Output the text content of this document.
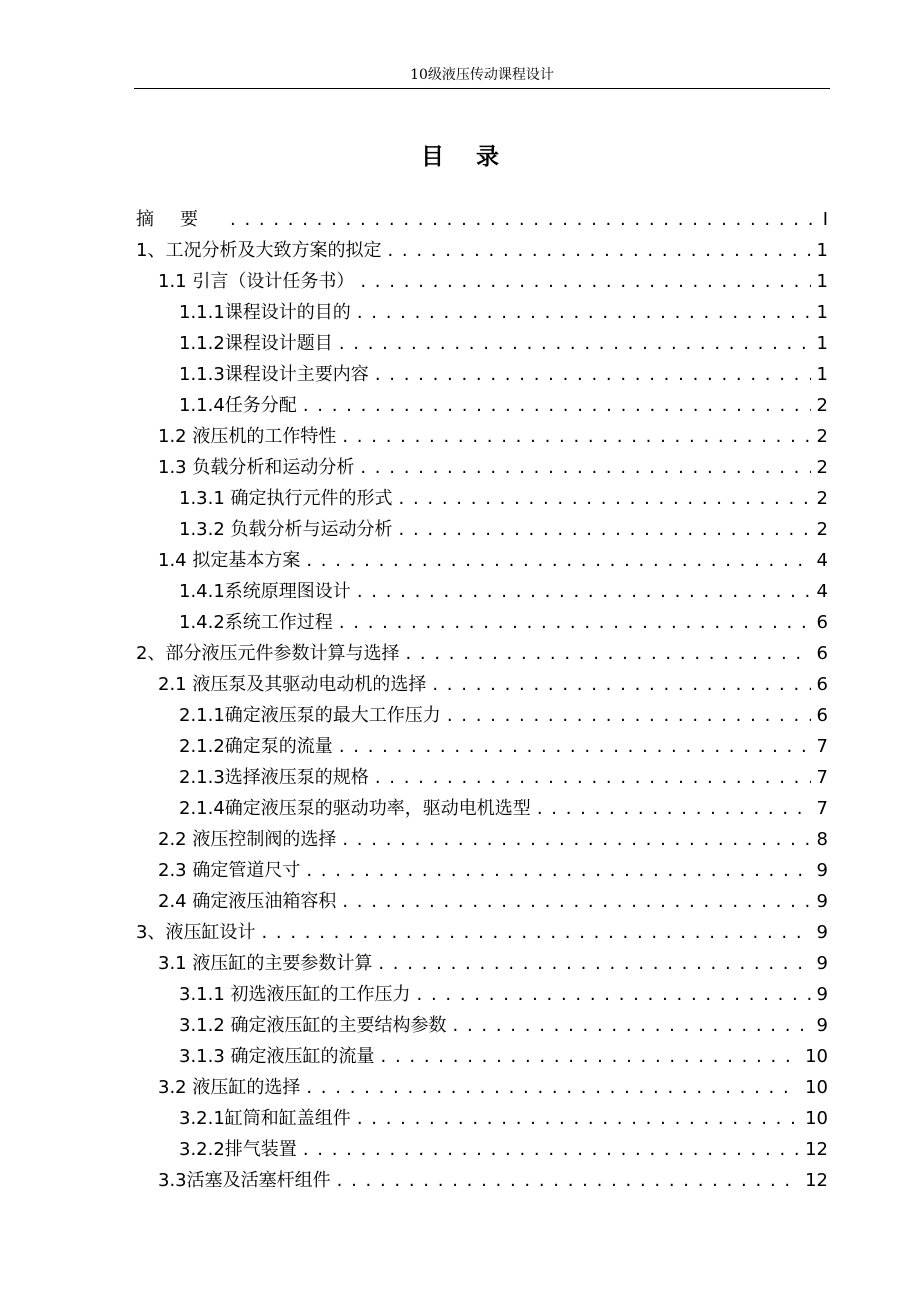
10级液压传动课程设计
目录
摘要 . . .	I
1、工况分析及大致方案的拟定 . . .	1
1.1 引言（设计任务书） . . .	1
1.1.1课程设计的目的 . . .	1
1.1.2课程设计题目 . . .	1
1.1.3课程设计主要内容 . . .	1
1.1.4任务分配 . . .	2
1.2 液压机的工作特性 . . .	2
1.3 负载分析和运动分析 . . .	2
1.3.1 确定执行元件的形式 . . .	2
1.3.2 负载分析与运动分析 . . .	2
1.4 拟定基本方案 . . .	4
1.4.1系统原理图设计 . . .	4
1.4.2系统工作过程 . . .	6
2、部分液压元件参数计算与选择 . . .	6
2.1 液压泵及其驱动电动机的选择 . . .	6
2.1.1确定液压泵的最大工作压力 . . .	6
2.1.2确定泵的流量 . . .	7
2.1.3选择液压泵的规格 . . .	7
2.1.4确定液压泵的驱动功率，驱动电机选型 . . .	7
2.2 液压控制阀的选择 . . .	8
2.3 确定管道尺寸 . . .	9
2.4 确定液压油箱容积 . . .	9
3、液压缸设计 . . .	9
3.1 液压缸的主要参数计算 . . .	9
3.1.1 初选液压缸的工作压力 . . .	9
3.1.2 确定液压缸的主要结构参数 . . .	9
3.1.3 确定液压缸的流量 . . .	10
3.2 液压缸的选择 . . .	10
3.2.1缸筒和缸盖组件 . . .	10
3.2.2排气装置 . . .	12
3.3活塞及活塞杆组件 . . .	12
